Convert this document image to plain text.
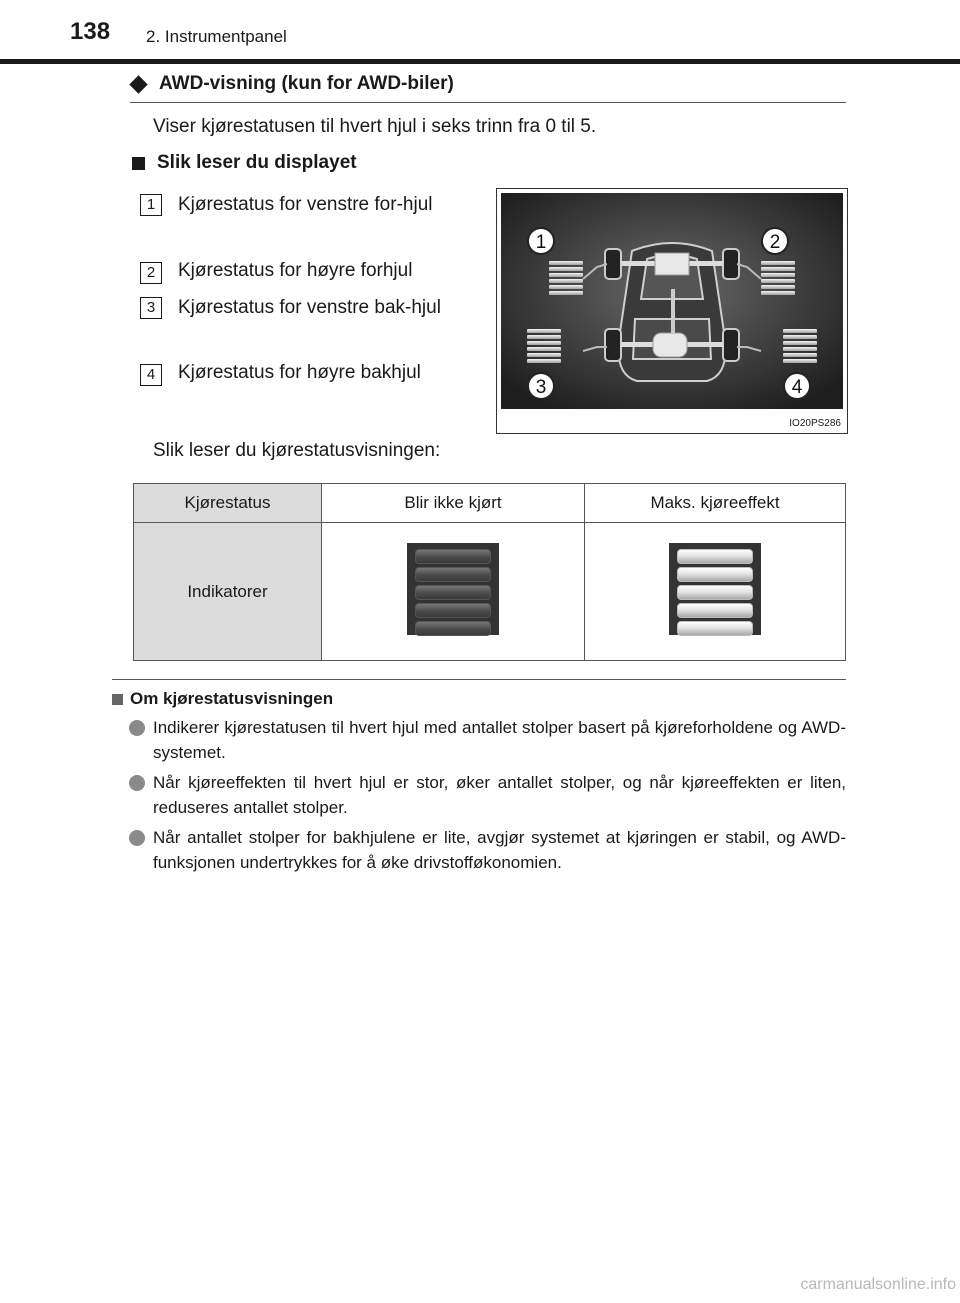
138 2. Instrumentpanel
AWD-visning (kun for AWD-biler)
Viser kjørestatusen til hvert hjul i seks trinn fra 0 til 5.
Slik leser du displayet
1	Kjørestatus for venstre for-hjul
2	Kjørestatus for høyre forhjul
3	Kjørestatus for venstre bak-hjul
4	Kjørestatus for høyre bakhjul
1	2
3	4
IO20PS286
Slik leser du kjørestatusvisningen:
Kjørestatus	Blir ikke kjørt	Maks. kjøreeffekt
Indikatorer	

Om kjørestatusvisningen
Indikerer kjørestatusen til hvert hjul med antallet stolper basert på kjøreforholdene og AWD-systemet.
Når kjøreeffekten til hvert hjul er stor, øker antallet stolper, og når kjøreeffekten er liten, reduseres antallet stolper.
Når antallet stolper for bakhjulene er lite, avgjør systemet at kjøringen er stabil, og AWD-funksjonen undertrykkes for å øke drivstofføkonomien.
carmanualsonline.info
